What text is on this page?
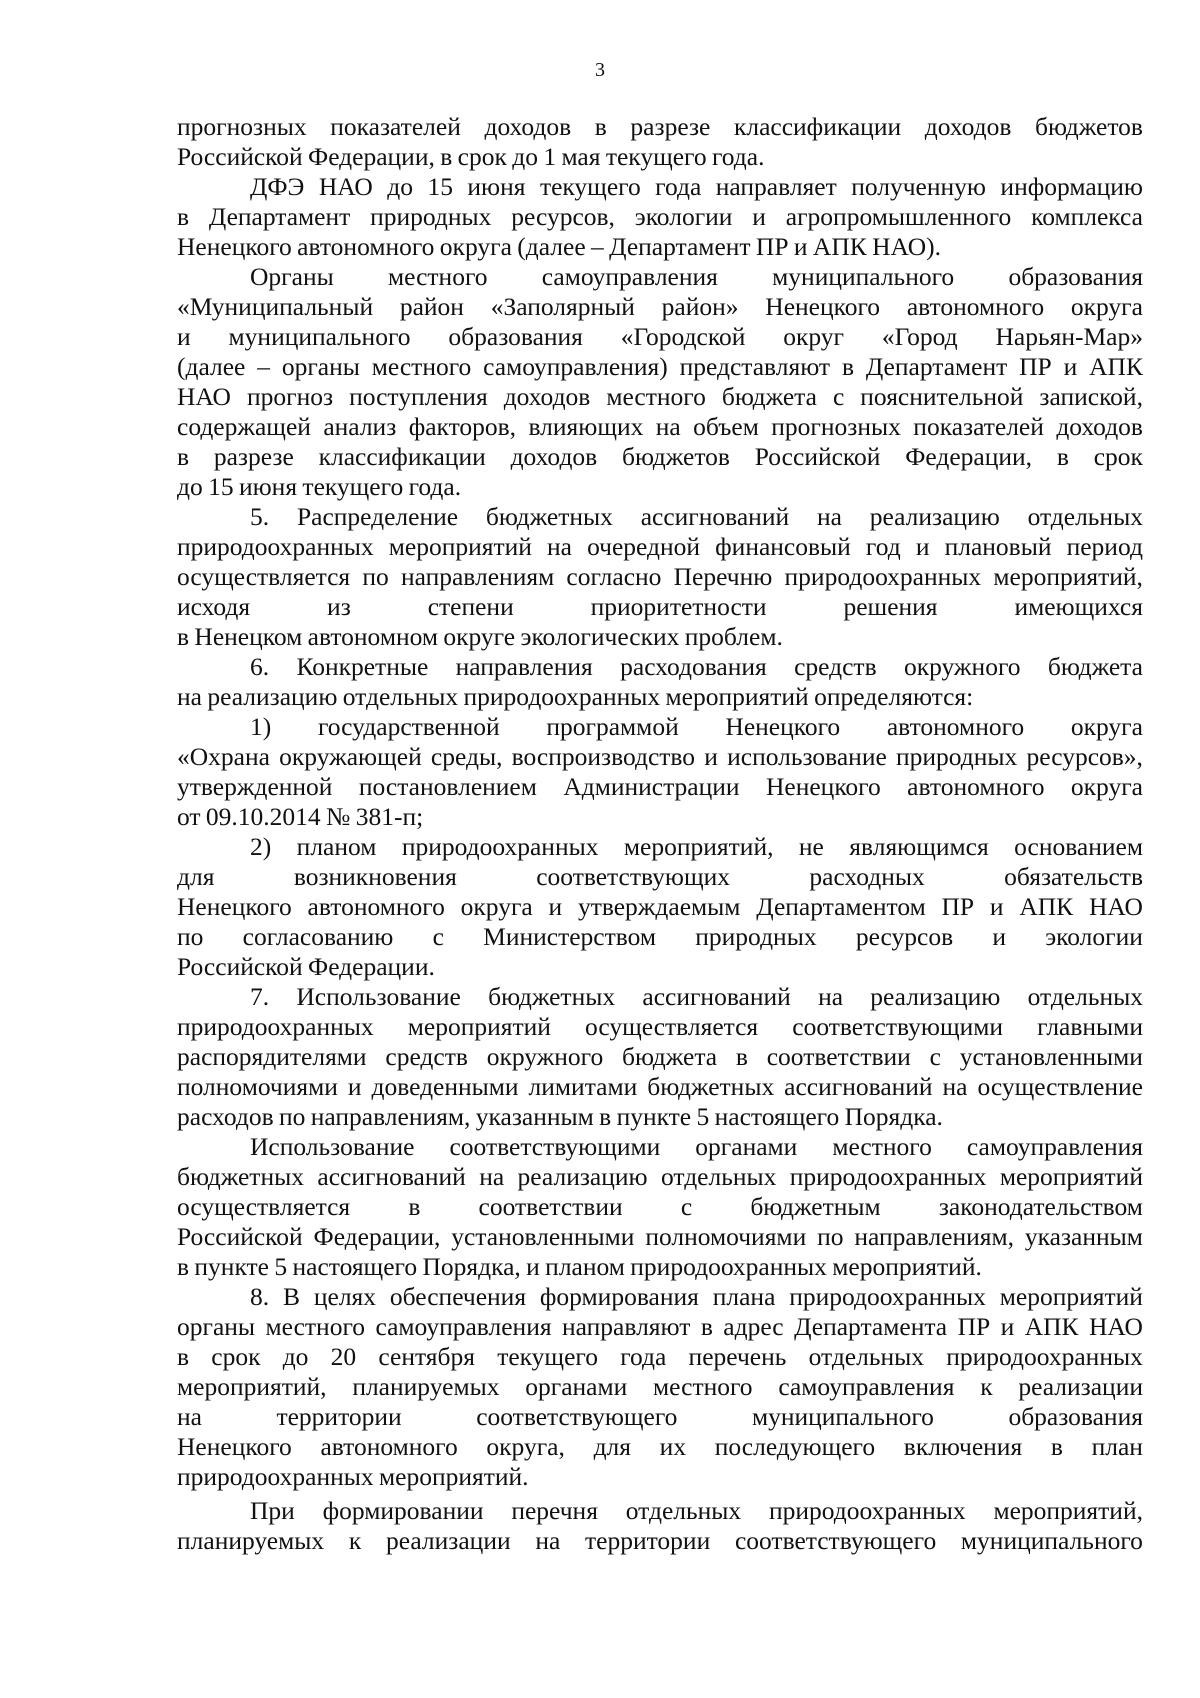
3
прогнозных показателей доходов в разрезе классификации доходов бюджетов
Российской Федерации, в срок до 1 мая текущего года.
ДФЭ НАО до 15 июня текущего года направляет полученную информацию
в Департамент природных ресурсов, экологии и агропромышленного комплекса
Ненецкого автономного округа (далее – Департамент ПР и АПК НАО).
Органы местного самоуправления муниципального образования
«Муниципальный район «Заполярный район» Ненецкого автономного округа
и муниципального образования «Городской округ «Город Нарьян-Мар»
(далее – органы местного самоуправления) представляют в Департамент ПР и АПК
НАО прогноз поступления доходов местного бюджета с пояснительной запиской,
содержащей анализ факторов, влияющих на объем прогнозных показателей доходов
в разрезе классификации доходов бюджетов Российской Федерации, в срок
до 15 июня текущего года.
5. Распределение бюджетных ассигнований на реализацию отдельных
природоохранных мероприятий на очередной финансовый год и плановый период
осуществляется по направлениям согласно Перечню природоохранных мероприятий,
исходя	из	степени	приоритетности	решения	имеющихся
в Ненецком автономном округе экологических проблем.
6. Конкретные направления расходования средств окружного бюджета
на реализацию отдельных природоохранных мероприятий определяются:
1) государственной программой Ненецкого автономного округа
«Охрана окружающей среды, воспроизводство и использование природных ресурсов»,
утвержденной постановлением Администрации Ненецкого автономного округа
от 09.10.2014 № 381-п;
2) планом природоохранных мероприятий, не являющимся основанием
для	возникновения	соответствующих	расходных	обязательств
Ненецкого автономного округа и утверждаемым Департаментом ПР и АПК НАО
по согласованию с Министерством природных ресурсов и экологии
Российской Федерации.
7. Использование бюджетных ассигнований на реализацию отдельных
природоохранных мероприятий осуществляется соответствующими главными
распорядителями средств окружного бюджета в соответствии с установленными
полномочиями и доведенными лимитами бюджетных ассигнований на осуществление
расходов по направлениям, указанным в пункте 5 настоящего Порядка.
Использование соответствующими органами местного самоуправления
бюджетных ассигнований на реализацию отдельных природоохранных мероприятий
осуществляется в соответствии с бюджетным законодательством
Российской Федерации, установленными полномочиями по направлениям, указанным
в пункте 5 настоящего Порядка, и планом природоохранных мероприятий.
8. В целях обеспечения формирования плана природоохранных мероприятий
органы местного самоуправления направляют в адрес Департамента ПР и АПК НАО
в срок до 20 сентября текущего года перечень отдельных природоохранных
мероприятий, планируемых органами местного самоуправления к реализации
на	территории	соответствующего	муниципального	образования
Ненецкого автономного округа, для их последующего включения в план
природоохранных мероприятий.
При формировании перечня отдельных природоохранных мероприятий,
планируемых к реализации на территории соответствующего муниципального
